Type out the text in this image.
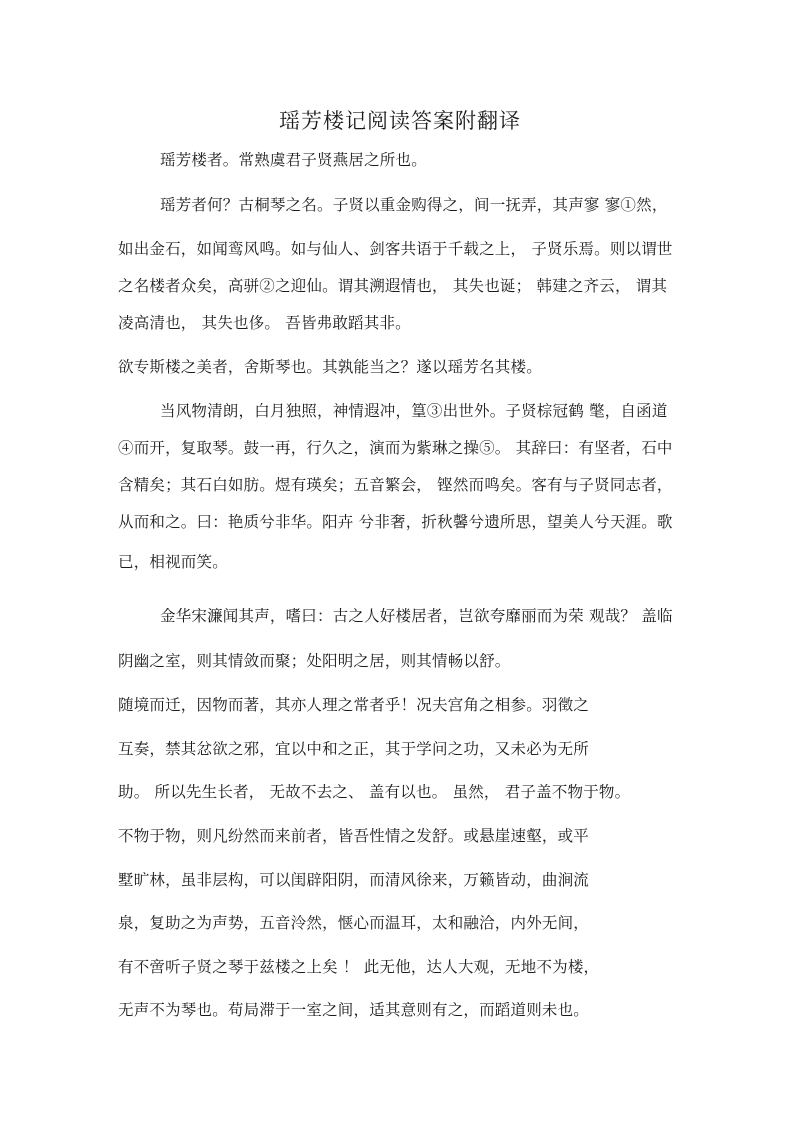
瑶芳楼记阅读答案附翻译
瑶芳楼者。常熟虞君子贤燕居之所也。
瑶芳者何？古桐琴之名。子贤以重金购得之，间一抚弄，其声寥 寥①然，
如出金石，如闻鸾风鸣。如与仙人、剑客共语于千载之上， 子贤乐焉。则以谓世
之名楼者众矣，高骈②之迎仙。谓其溯遐情也， 其失也诞； 韩建之齐云， 谓其
凌高清也， 其失也侈。 吾皆弗敢蹈其非。
欲专斯楼之美者，舍斯琴也。其孰能当之？遂以瑶芳名其楼。
当风物清朗，白月独照，神情遐冲，篁③出世外。子贤棕冠鹤 氅，自函道
④而开，复取琴。鼓一再，行久之，演而为紫琳之操⑤。 其辞曰：有坚者，石中
含精矣；其石白如肪。煜有瑛矣；五音繁会， 铿然而鸣矣。客有与子贤同志者，
从而和之。曰：艳质兮非华。阳卉 兮非奢，折秋馨兮遗所思，望美人兮天涯。歌
已，相视而笑。
金华宋濂闻其声，嗜曰：古之人好楼居者，岂欲夸靡丽而为荣 观哉？ 盖临
阴幽之室，则其情敛而聚；处阳明之居，则其情畅以舒。
随境而迁，因物而著，其亦人理之常者乎！况夫宫角之相参。羽徵之
互奏，禁其忿欲之邪，宜以中和之正，其于学问之功，又未必为无所
助。 所以先生长者， 无故不去之、 盖有以也。 虽然， 君子盖不物于物。
不物于物，则凡纷然而来前者，皆吾性情之发舒。或悬崖速壑，或平
墅旷林，虽非层构，可以闺辟阳阴，而清风徐来，万籁皆动，曲涧流
泉，复助之为声势，五音泠然，惬心而温耳，太和融洽，内外无间，
有不啻听子贤之琴于兹楼之上矣 ！ 此无他，达人大观，无地不为楼，
无声不为琴也。苟局滞于一室之间，适其意则有之，而蹈道则未也。
